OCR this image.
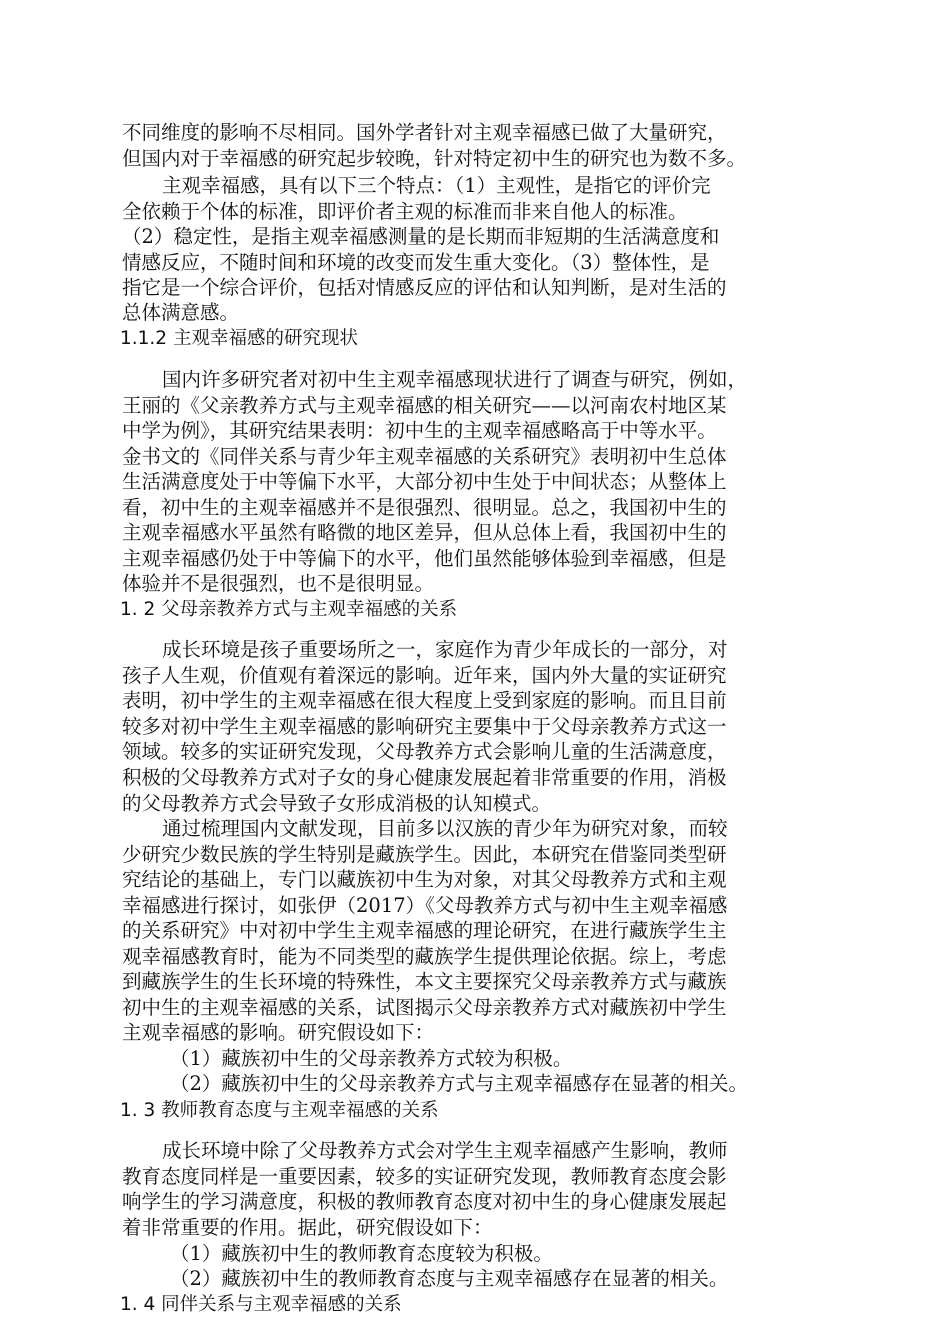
不同维度的影响不尽相同。国外学者针对主观幸福感已做了大量研究，
但国内对于幸福感的研究起步较晚，针对特定初中生的研究也为数不多。
主观幸福感，具有以下三个特点：（1）主观性，是指它的评价完
全依赖于个体的标准，即评价者主观的标准而非来自他人的标准。
（2）稳定性，是指主观幸福感测量的是长期而非短期的生活满意度和
情感反应，不随时间和环境的改变而发生重大变化。（3）整体性，是
指它是一个综合评价，包括对情感反应的评估和认知判断，是对生活的
总体满意感。
1.1.2 主观幸福感的研究现状
国内许多研究者对初中生主观幸福感现状进行了调查与研究，例如，
王丽的《父亲教养方式与主观幸福感的相关研究——以河南农村地区某
中学为例》，其研究结果表明：初中生的主观幸福感略高于中等水平。
金书文的《同伴关系与青少年主观幸福感的关系研究》表明初中生总体
生活满意度处于中等偏下水平，大部分初中生处于中间状态；从整体上
看，初中生的主观幸福感并不是很强烈、很明显。总之，我国初中生的
主观幸福感水平虽然有略微的地区差异，但从总体上看，我国初中生的
主观幸福感仍处于中等偏下的水平，他们虽然能够体验到幸福感，但是
体验并不是很强烈，也不是很明显。
1. 2 父母亲教养方式与主观幸福感的关系
成长环境是孩子重要场所之一，家庭作为青少年成长的一部分，对
孩子人生观，价值观有着深远的影响。近年来，国内外大量的实证研究
表明，初中学生的主观幸福感在很大程度上受到家庭的影响。而且目前
较多对初中学生主观幸福感的影响研究主要集中于父母亲教养方式这一
领域。较多的实证研究发现，父母教养方式会影响儿童的生活满意度，
积极的父母教养方式对子女的身心健康发展起着非常重要的作用，消极
的父母教养方式会导致子女形成消极的认知模式。
通过梳理国内文献发现，目前多以汉族的青少年为研究对象，而较
少研究少数民族的学生特别是藏族学生。因此，本研究在借鉴同类型研
究结论的基础上，专门以藏族初中生为对象，对其父母教养方式和主观
幸福感进行探讨，如张伊（2017）《父母教养方式与初中生主观幸福感
的关系研究》中对初中学生主观幸福感的理论研究，在进行藏族学生主
观幸福感教育时，能为不同类型的藏族学生提供理论依据。综上，考虑
到藏族学生的生长环境的特殊性，本文主要探究父母亲教养方式与藏族
初中生的主观幸福感的关系，试图揭示父母亲教养方式对藏族初中学生
主观幸福感的影响。研究假设如下：
（1）藏族初中生的父母亲教养方式较为积极。
（2）藏族初中生的父母亲教养方式与主观幸福感存在显著的相关。
1. 3 教师教育态度与主观幸福感的关系
成长环境中除了父母教养方式会对学生主观幸福感产生影响，教师
教育态度同样是一重要因素，较多的实证研究发现，教师教育态度会影
响学生的学习满意度，积极的教师教育态度对初中生的身心健康发展起
着非常重要的作用。据此，研究假设如下：
（1）藏族初中生的教师教育态度较为积极。
（2）藏族初中生的教师教育态度与主观幸福感存在显著的相关。
1. 4 同伴关系与主观幸福感的关系
